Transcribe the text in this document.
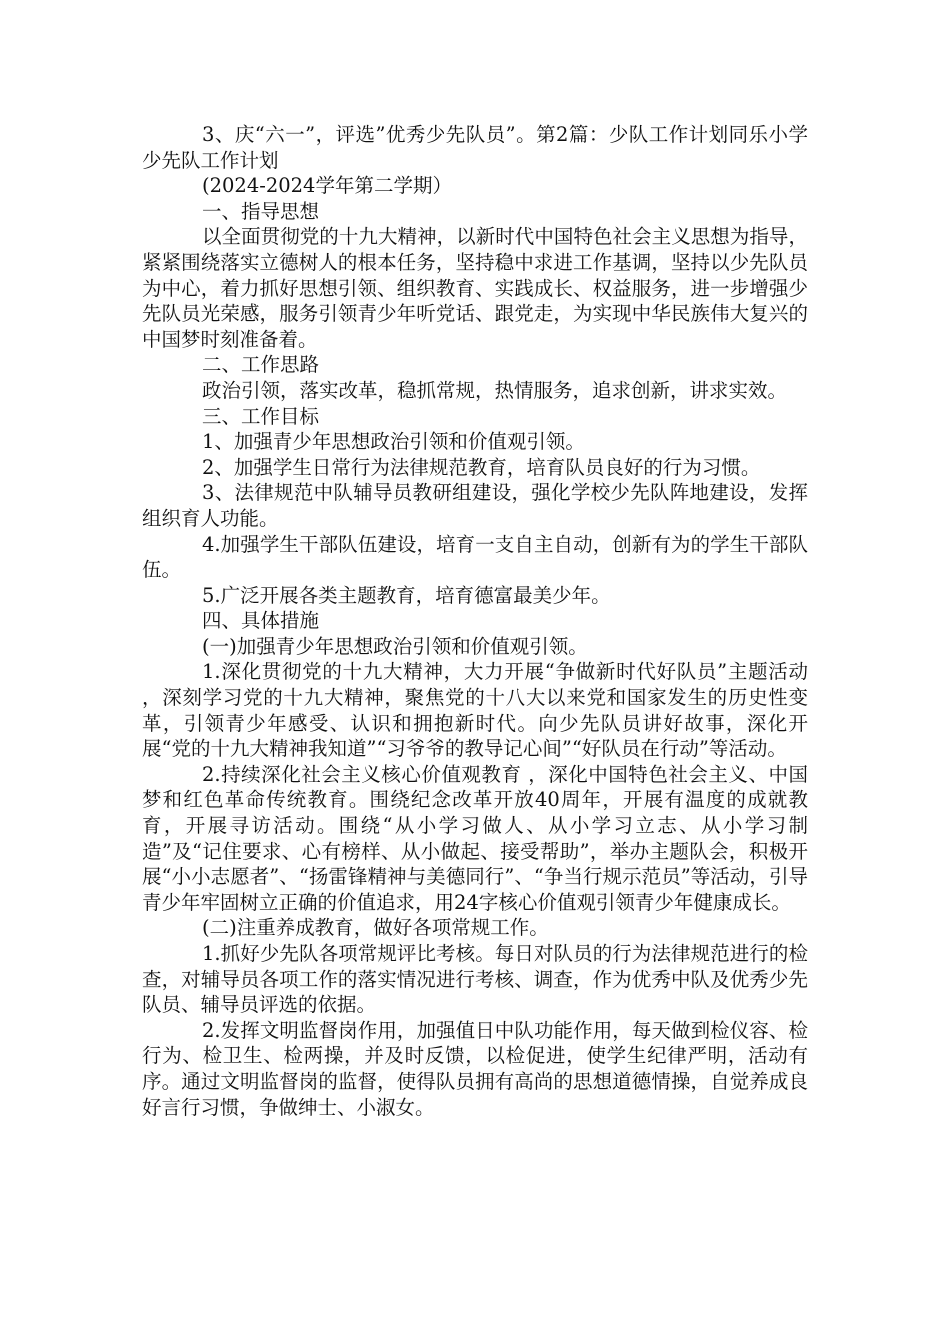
3、庆“六一”，评选”优秀少先队员”。第2篇：少队工作计划同乐小学少先队工作计划

(2024-2024学年第二学期）

一、指导思想

以全面贯彻党的十九大精神，以新时代中国特色社会主义思想为指导，紧紧围绕落实立德树人的根本任务，坚持稳中求进工作基调，坚持以少先队员为中心，着力抓好思想引领、组织教育、实践成长、权益服务，进一步增强少先队员光荣感，服务引领青少年听党话、跟党走，为实现中华民族伟大复兴的中国梦时刻准备着。

二、工作思路

政治引领，落实改革，稳抓常规，热情服务，追求创新，讲求实效。

三、工作目标

1、加强青少年思想政治引领和价值观引领。

2、加强学生日常行为法律规范教育，培育队员良好的行为习惯。

3、法律规范中队辅导员教研组建设，强化学校少先队阵地建设，发挥组织育人功能。

4.加强学生干部队伍建设，培育一支自主自动，创新有为的学生干部队伍。

5.广泛开展各类主题教育，培育德富最美少年。

四、具体措施

(一)加强青少年思想政治引领和价值观引领。

1.深化贯彻党的十九大精神，大力开展“争做新时代好队员”主题活动 ，深刻学习党的十九大精神，聚焦党的十八大以来党和国家发生的历史性变革，引领青少年感受、认识和拥抱新时代。向少先队员讲好故事，深化开展“党的十九大精神我知道”“习爷爷的教导记心间”“好队员在行动”等活动。

2.持续深化社会主义核心价值观教育 ，深化中国特色社会主义、中国梦和红色革命传统教育。围绕纪念改革开放40周年，开展有温度的成就教育，开展寻访活动。围绕“从小学习做人、从小学习立志、从小学习制造”及“记住要求、心有榜样、从小做起、接受帮助”，举办主题队会，积极开展“小小志愿者”、“扬雷锋精神与美德同行”、“争当行规示范员”等活动，引导青少年牢固树立正确的价值追求，用24字核心价值观引领青少年健康成长。

(二)注重养成教育，做好各项常规工作。

1.抓好少先队各项常规评比考核。每日对队员的行为法律规范进行的检查，对辅导员各项工作的落实情况进行考核、调查，作为优秀中队及优秀少先队员、辅导员评选的依据。

2.发挥文明监督岗作用，加强值日中队功能作用，每天做到检仪容、检行为、检卫生、检两操，并及时反馈，以检促进，使学生纪律严明，活动有序。通过文明监督岗的监督，使得队员拥有高尚的思想道德情操，自觉养成良好言行习惯，争做绅士、小淑女。
